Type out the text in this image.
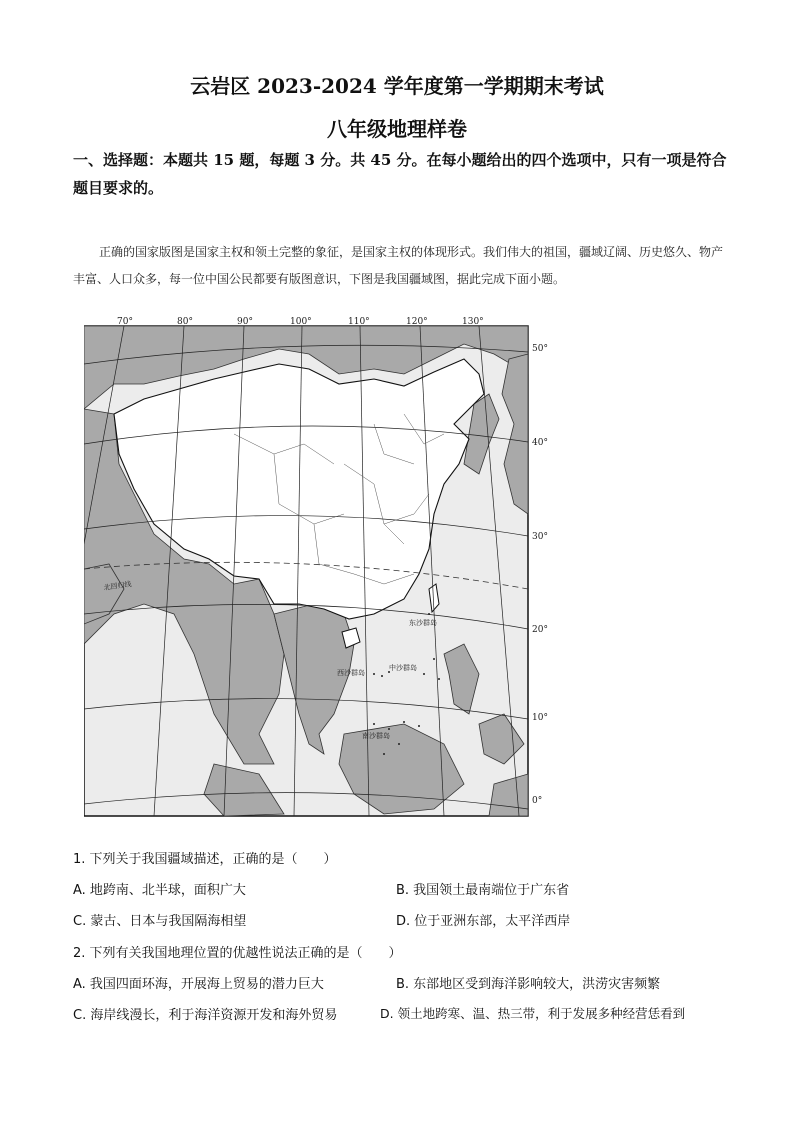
云岩区 2023-2024 学年度第一学期期末考试
八年级地理样卷
一、选择题：本题共 15 题，每题 3 分。共 45 分。在每小题给出的四个选项中，只有一项是符合题目要求的。
正确的国家版图是国家主权和领土完整的象征，是国家主权的体现形式。我们伟大的祖国，疆域辽阔、历史悠久、物产丰富、人口众多，每一位中国公民都要有版图意识，下图是我国疆域图，据此完成下面小题。
70°	80°	90°	100°	110°	120°	130°
50°
40°
30°
20°
10°
0°
北回归线
东沙群岛
西沙群岛
中沙群岛
南沙群岛
1. 下列关于我国疆域描述，正确的是（　　）
A. 地跨南、北半球，面积广大	B. 我国领土最南端位于广东省
C. 蒙古、日本与我国隔海相望	D. 位于亚洲东部，太平洋西岸
2. 下列有关我国地理位置的优越性说法正确的是（　　）
A. 我国四面环海，开展海上贸易的潜力巨大	B. 东部地区受到海洋影响较大，洪涝灾害频繁
C. 海岸线漫长，利于海洋资源开发和海外贸易	D. 领土地跨寒、温、热三带，利于发展多种经营恁看到
